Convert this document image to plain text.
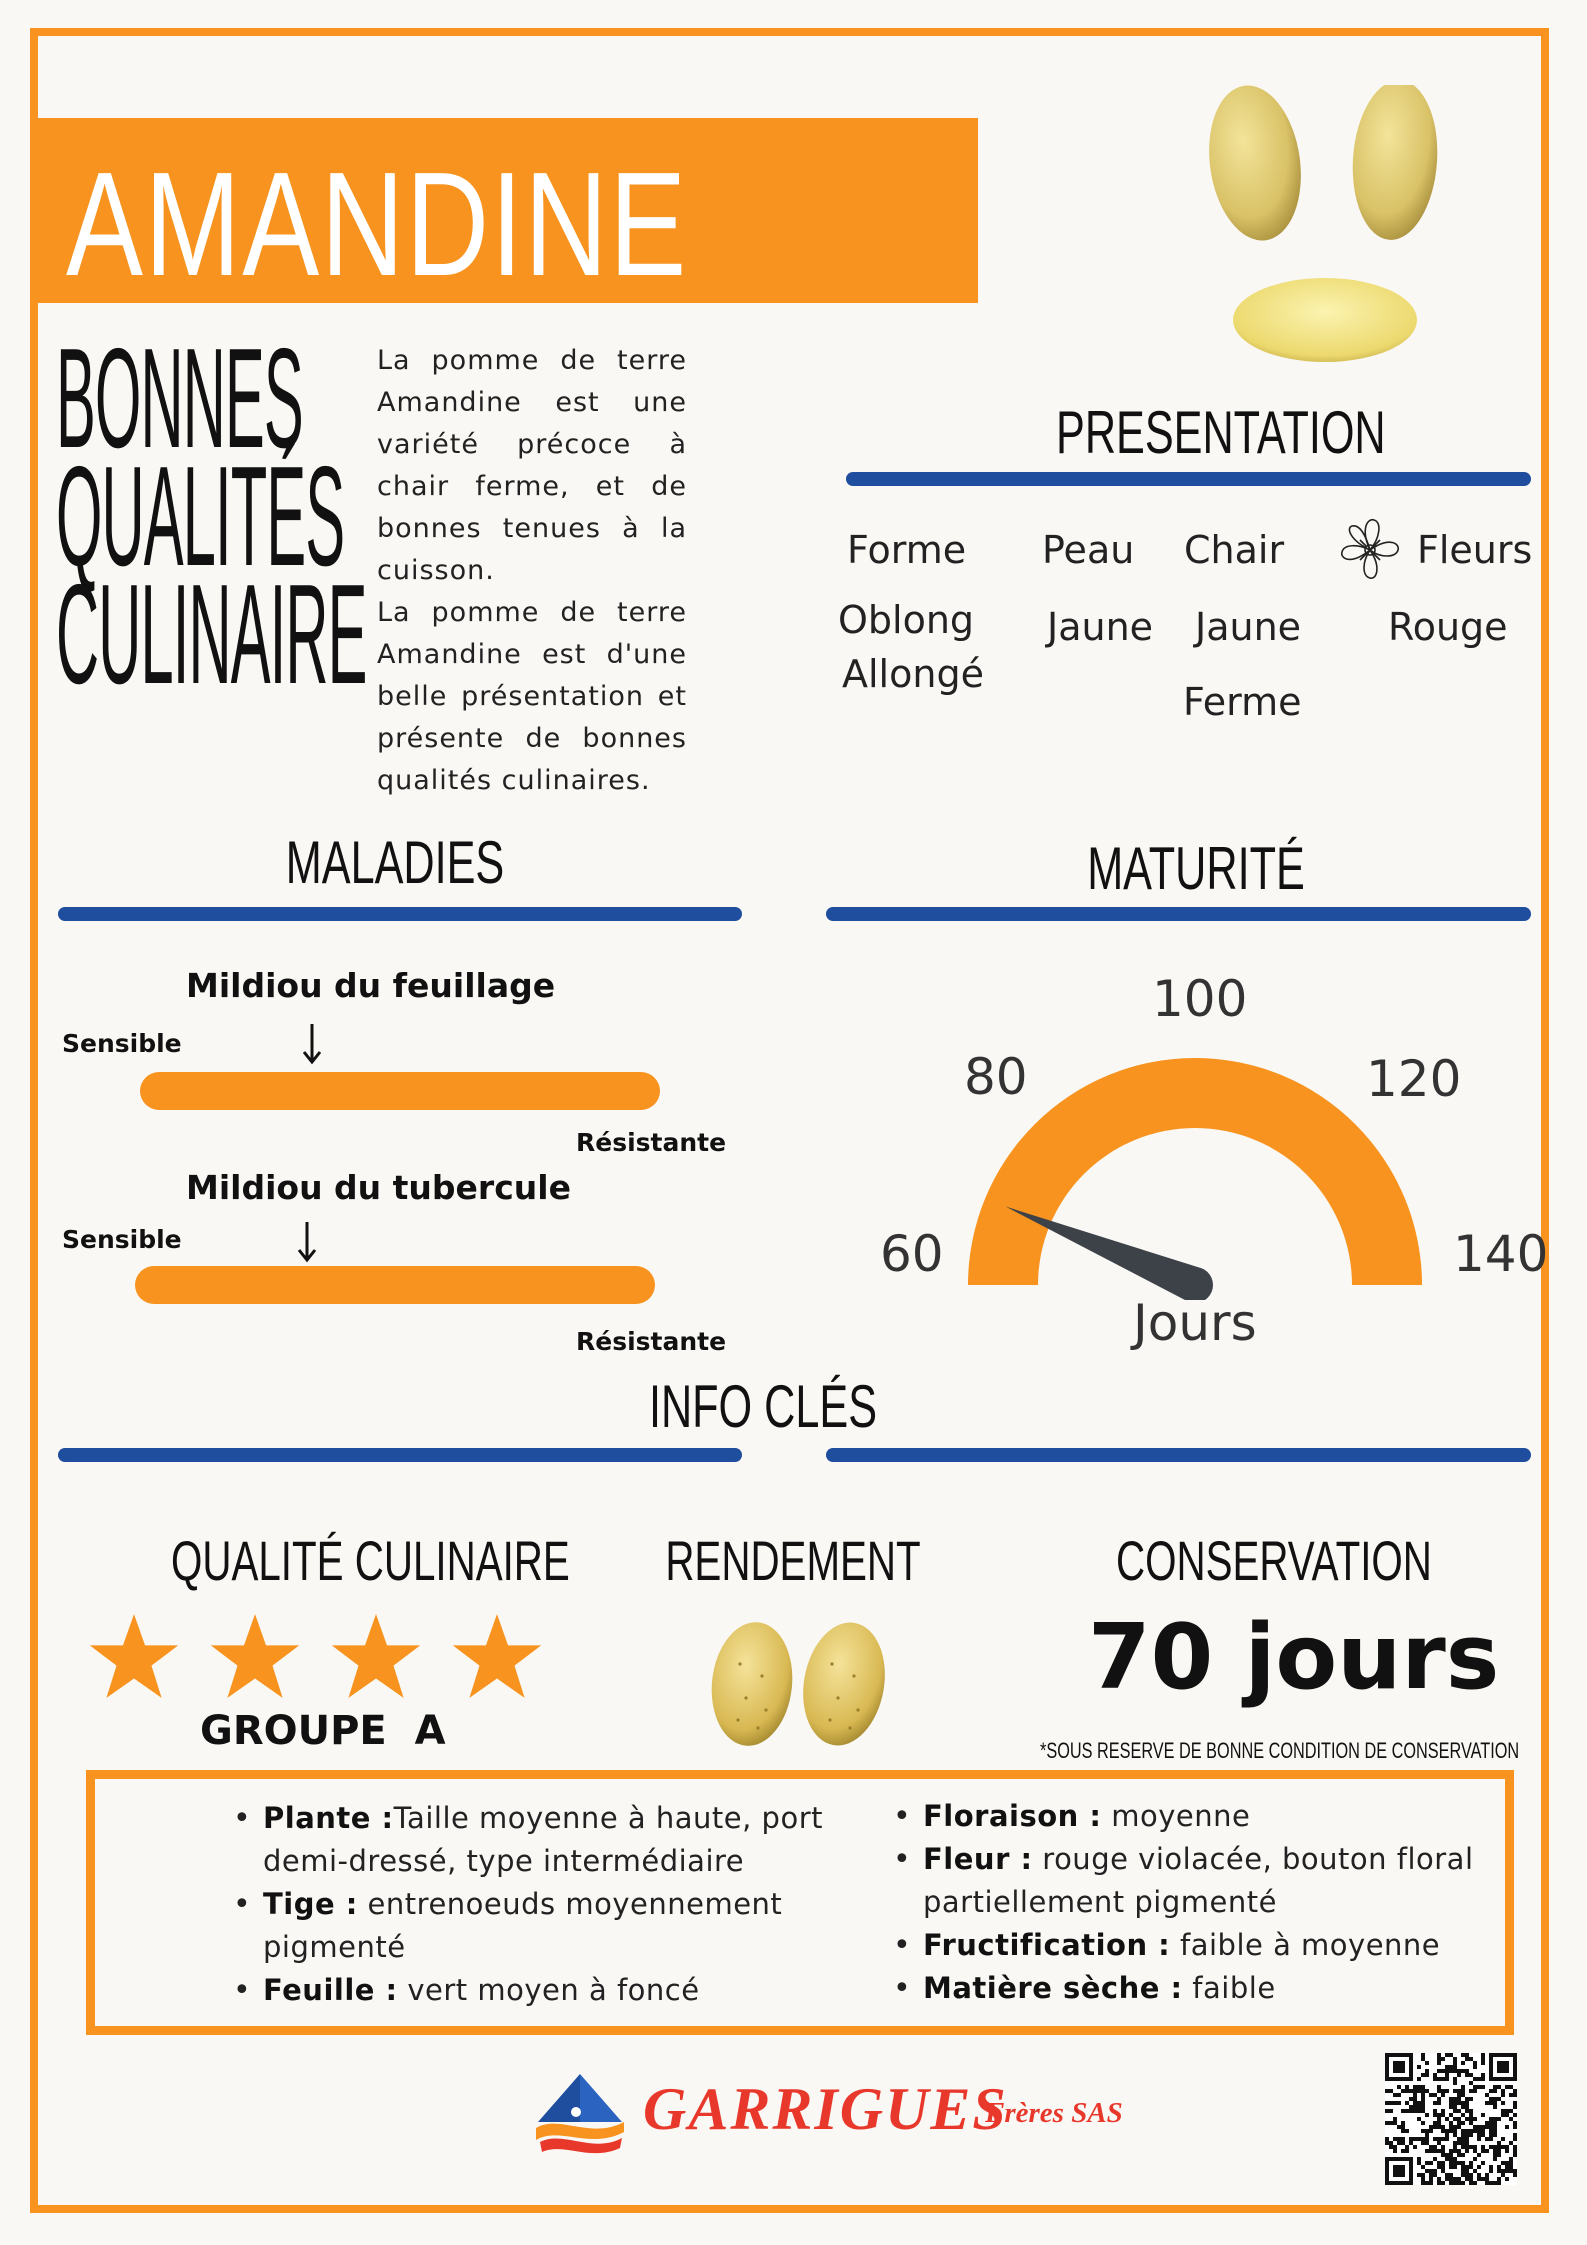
AMANDINE
BONNES
QUALITÉS
CULINAIRE

La pomme de terre Amandine est une variété précoce à chair ferme, et de bonnes tenues à la cuisson.

La pomme de terre Amandine est d'une belle présentation et présente de bonnes qualités culinaires.

PRESENTATION
Forme Peau Chair	Fleurs
Oblong
Allongé
Jaune Jaune
Ferme
Rouge
MALADIES
Mildiou du feuillage
Sensible
Résistante
Mildiou du tubercule
Sensible
Résistante
MATURITÉ
60
80
100
120
140
Jours
INFO CLÉS
QUALITÉ CULINAIRE
GROUPE  A
RENDEMENT	CONSERVATION
70 jours
*SOUS RESERVE DE BONNE CONDITION DE CONSERVATION
• Plante :Taille moyenne à haute, port demi-dressé, type intermédiaire
• Tige : entrenoeuds moyennement pigmenté
• Feuille : vert moyen à foncé
• Floraison : moyenne
• Fleur : rouge violacée, bouton floral partiellement pigmenté
• Fructification : faible à moyenne
• Matière sèche : faible
GARRIGUES
Frères SAS
